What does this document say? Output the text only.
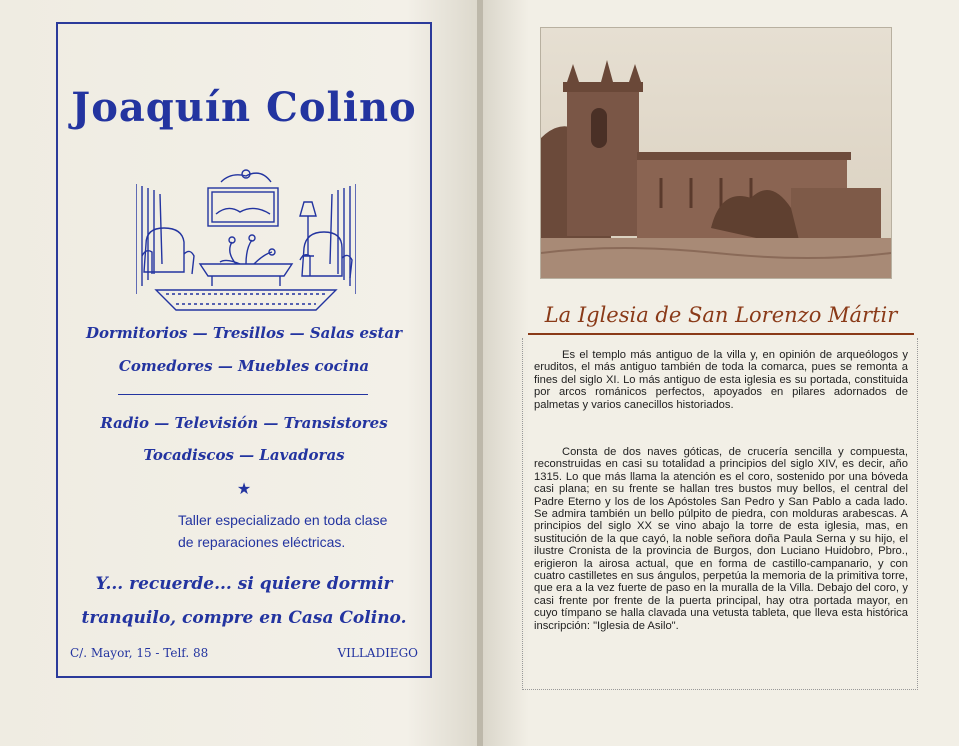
Joaquín Colino
Dormitorios — Tresillos — Salas estar
Comedores — Muebles cocina
Radio — Televisión — Transistores
Tocadiscos — Lavadoras
★
Taller especializado en toda clase
de reparaciones eléctricas.
Y... recuerde... si quiere dormir
tranquilo, compre en Casa Colino.
C/. Mayor, 15 - Telf. 88	VILLADIEGO
La Iglesia de San Lorenzo Mártir

Es el templo más antiguo de la villa y, en opinión de arqueólogos y eruditos, el más antiguo también de toda la comarca, pues se remonta a fines del siglo XI. Lo más antiguo de esta iglesia es su portada, constituida por arcos románicos perfectos, apoyados en pilares adornados de palmetas y varios canecillos historiados.

Consta de dos naves góticas, de crucería sencilla y compuesta, reconstruidas en casi su totalidad a principios del siglo XIV, es decir, año 1315. Lo que más llama la atención es el coro, sostenido por una bóveda casi plana; en su frente se hallan tres bustos muy bellos, el central del Padre Eterno y los de los Apóstoles San Pedro y San Pablo a cada lado. Se admira también un bello púlpito de piedra, con molduras arabescas. A principios del siglo XX se vino abajo la torre de esta iglesia, mas, en sustitución de la que cayó, la noble señora doña Paula Serna y su hijo, el ilustre Cronista de la provincia de Burgos, don Luciano Huidobro, Pbro., erigieron la airosa actual, que en forma de castillo-campanario, y con cuatro castilletes en sus ángulos, perpetúa la memoria de la primitiva torre, que era a la vez fuerte de paso en la muralla de la Villa. Debajo del coro, y casi frente por frente de la puerta principal, hay otra portada mayor, en cuyo tímpano se halla clavada una vetusta tableta, que lleva esta histórica inscripción: "Iglesia de Asilo".
